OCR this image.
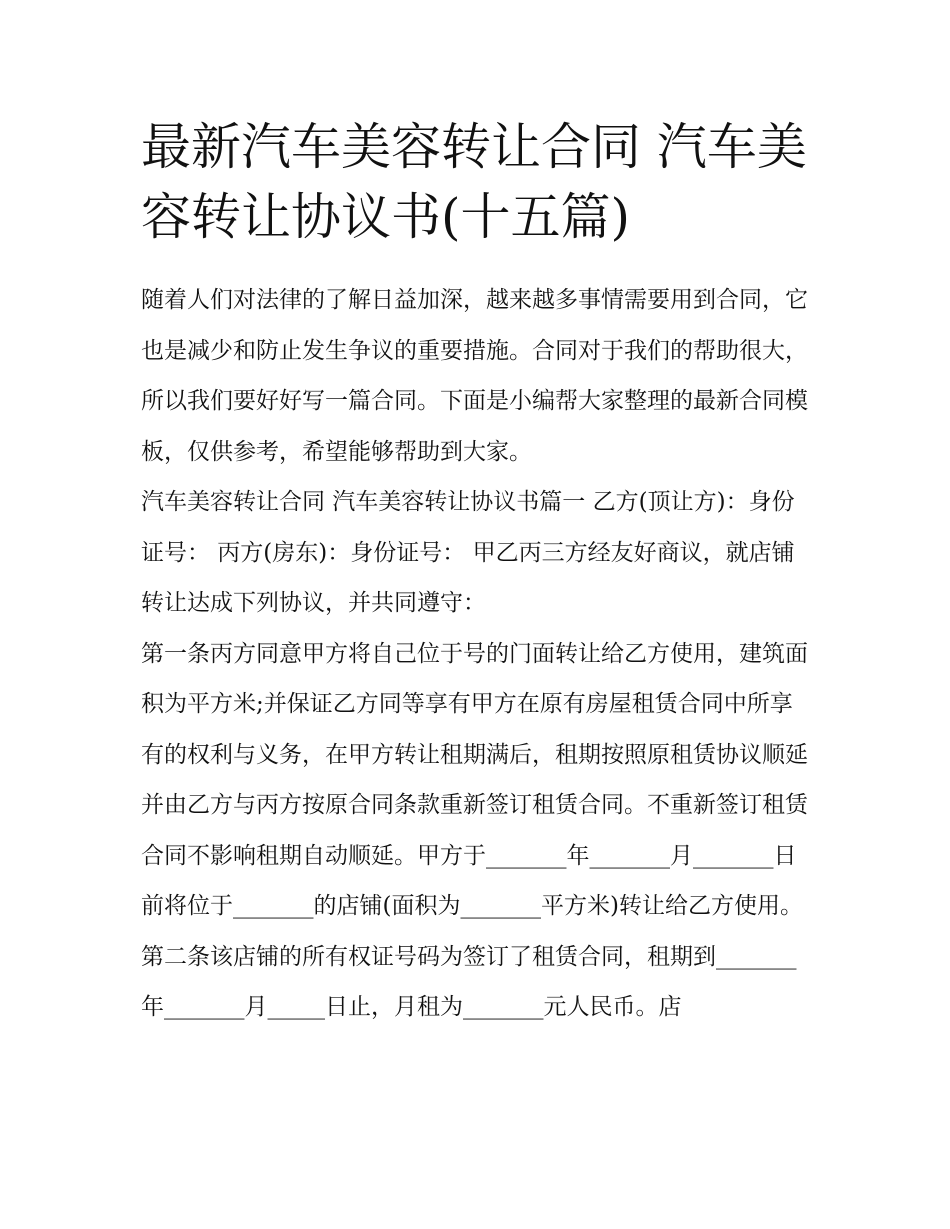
最新汽车美容转让合同 汽车美容转让协议书(十五篇)

随着人们对法律的了解日益加深，越来越多事情需要用到合同，它也是减少和防止发生争议的重要措施。合同对于我们的帮助很大，所以我们要好好写一篇合同。下面是小编帮大家整理的最新合同模板，仅供参考，希望能够帮助到大家。

汽车美容转让合同 汽车美容转让协议书篇一 乙方(顶让方)：身份证号： 丙方(房东)：身份证号： 甲乙丙三方经友好商议，就店铺转让达成下列协议，并共同遵守：

第一条丙方同意甲方将自己位于号的门面转让给乙方使用，建筑面积为平方米;并保证乙方同等享有甲方在原有房屋租赁合同中所享有的权利与义务，在甲方转让租期满后，租期按照原租赁协议顺延并由乙方与丙方按原合同条款重新签订租赁合同。不重新签订租赁合同不影响租期自动顺延。甲方于_______年_______月_______日前将位于_______的店铺(面积为_______平方米)转让给乙方使用。

第二条该店铺的所有权证号码为签订了租赁合同，租期到_______年_______月_____日止，月租为_______元人民币。店
